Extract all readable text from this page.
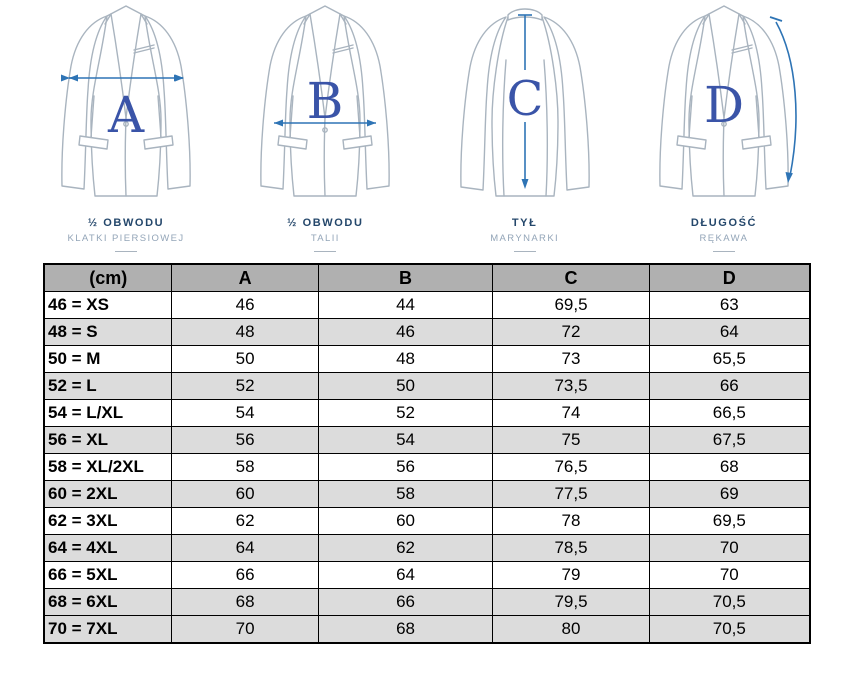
A
½ OBWODU
KLATKI PIERSIOWEJ
B
½ OBWODU
TALII
C
TYŁ
MARYNARKI
D
DŁUGOŚĆ
RĘKAWA
(cm)	A	B	C	D
46 = XS	46	44	69,5	63
48 = S	48	46	72	64
50 = M	50	48	73	65,5
52 = L	52	50	73,5	66
54 = L/XL	54	52	74	66,5
56 = XL	56	54	75	67,5
58 = XL/2XL	58	56	76,5	68
60 = 2XL	60	58	77,5	69
62 = 3XL	62	60	78	69,5
64 = 4XL	64	62	78,5	70
66 = 5XL	66	64	79	70
68 = 6XL	68	66	79,5	70,5
70 = 7XL	70	68	80	70,5
